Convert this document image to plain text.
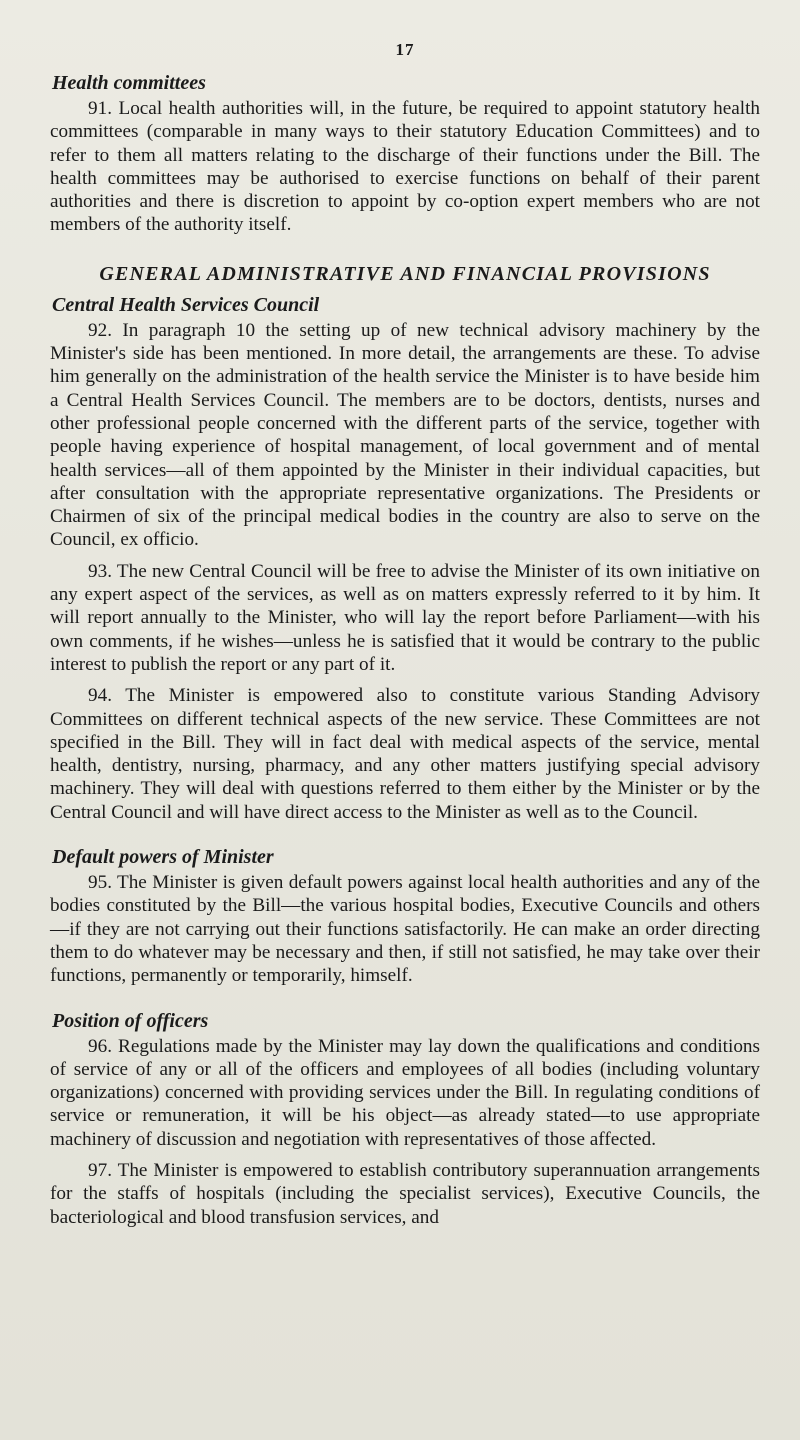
17
Health committees

91. Local health authorities will, in the future, be required to appoint statutory health committees (comparable in many ways to their statutory Education Committees) and to refer to them all matters relating to the discharge of their functions under the Bill. The health committees may be authorised to exercise functions on behalf of their parent authorities and there is discretion to appoint by co-option expert members who are not members of the authority itself.

GENERAL ADMINISTRATIVE AND FINANCIAL PROVISIONS
Central Health Services Council

92. In paragraph 10 the setting up of new technical advisory machinery by the Minister's side has been mentioned. In more detail, the arrangements are these. To advise him generally on the administration of the health service the Minister is to have beside him a Central Health Services Council. The members are to be doctors, dentists, nurses and other professional people concerned with the different parts of the service, together with people having experience of hospital management, of local government and of mental health services—all of them appointed by the Minister in their individual capacities, but after consultation with the appropriate representative organizations. The Presidents or Chairmen of six of the principal medical bodies in the country are also to serve on the Council, ex officio.

93. The new Central Council will be free to advise the Minister of its own initiative on any expert aspect of the services, as well as on matters expressly referred to it by him. It will report annually to the Minister, who will lay the report before Parliament—with his own comments, if he wishes—unless he is satisfied that it would be contrary to the public interest to publish the report or any part of it.

94. The Minister is empowered also to constitute various Standing Advisory Committees on different technical aspects of the new service. These Committees are not specified in the Bill. They will in fact deal with medical aspects of the service, mental health, dentistry, nursing, pharmacy, and any other matters justifying special advisory machinery. They will deal with questions referred to them either by the Minister or by the Central Council and will have direct access to the Minister as well as to the Council.

Default powers of Minister

95. The Minister is given default powers against local health authorities and any of the bodies constituted by the Bill—the various hospital bodies, Executive Councils and others—if they are not carrying out their functions satisfactorily. He can make an order directing them to do whatever may be necessary and then, if still not satisfied, he may take over their functions, permanently or temporarily, himself.

Position of officers

96. Regulations made by the Minister may lay down the qualifications and conditions of service of any or all of the officers and employees of all bodies (including voluntary organizations) concerned with providing services under the Bill. In regulating conditions of service or remuneration, it will be his object—as already stated—to use appropriate machinery of discussion and negotiation with representatives of those affected.

97. The Minister is empowered to establish contributory superannuation arrangements for the staffs of hospitals (including the specialist services), Executive Councils, the bacteriological and blood transfusion services, and
